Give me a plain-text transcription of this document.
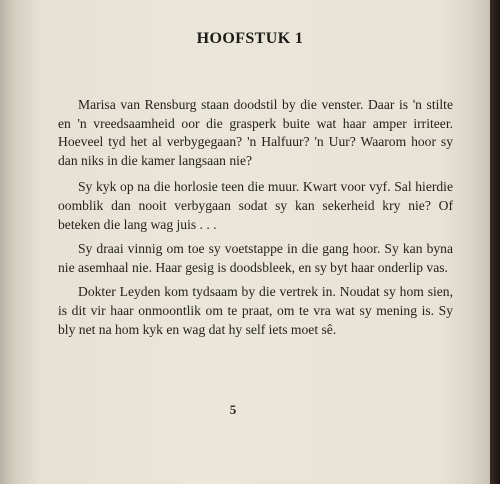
HOOFSTUK 1

Marisa van Rensburg staan doodstil by die venster. Daar is 'n stilte en 'n vreedsaamheid oor die grasperk buite wat haar amper irriteer. Hoeveel tyd het al verbygegaan? 'n Halfuur? 'n Uur? Waarom hoor sy dan niks in die kamer langsaan nie?

Sy kyk op na die horlosie teen die muur. Kwart voor vyf. Sal hierdie oomblik dan nooit verbygaan sodat sy kan sekerheid kry nie? Of beteken die lang wag juis . . .

Sy draai vinnig om toe sy voetstappe in die gang hoor. Sy kan byna nie asemhaal nie. Haar gesig is doodsbleek, en sy byt haar onderlip vas.

Dokter Leyden kom tydsaam by die vertrek in. Noudat sy hom sien, is dit vir haar onmoontlik om te praat, om te vra wat sy mening is. Sy bly net na hom kyk en wag dat hy self iets moet sê.

5
